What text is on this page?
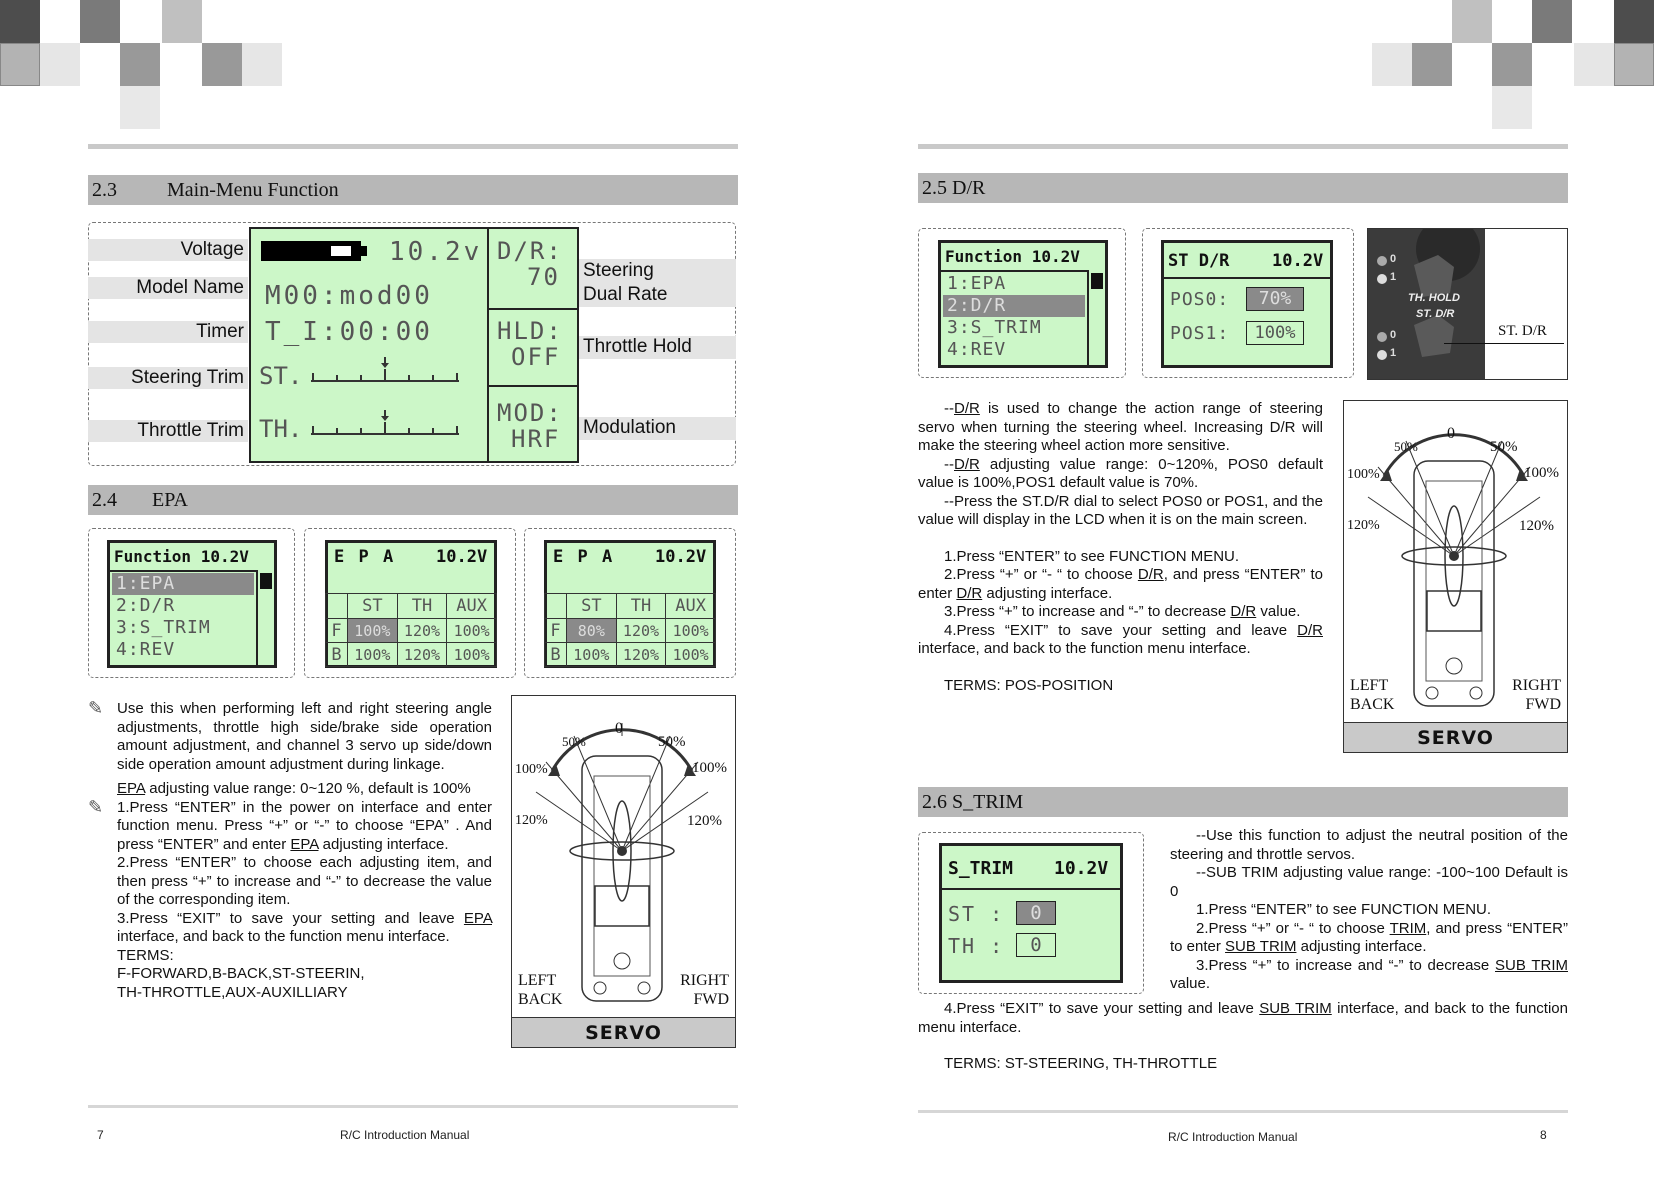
2.3          Main-Menu Function
Voltage
Model Name
Timer
Steering Trim
Throttle Trim
10.2v
M00:mod00
T_I:00:00
ST.
TH.
D/R:
70
HLD:
OFF
MOD:
HRF
Steering
Dual Rate
Throttle Hold
Modulation
2.4       EPA
Function 10.2V
1:EPA
2:D/R
3:S_TRIM
4:REV
E P A 10.2V
	ST	TH	AUX
F	100%	120%	100%
B	100%	120%	100%
E P A 10.2V
	ST	TH	AUX
F	80%	120%	100%
B	100%	120%	100%
✎
✎

Use this when performing left and right steering angle adjustments, throttle high side/brake side operation amount adjustment, and channel 3 servo up side/down side operation amount adjustment during linkage.

EPA adjusting value range: 0~120 %, default is 100%

1.Press “ENTER” in the power on interface and enter function menu. Press “+” or “-” to choose “EPA” . And press “ENTER” and enter EPA adjusting interface.

2.Press “ENTER” to choose each adjusting item, and then press “+” to increase and “-” to decrease the value of the corresponding item.

3.Press “EXIT” to save your setting and leave EPA interface, and back to the function menu interface.

TERMS:

F-FORWARD,B-BACK,ST-STEERIN,

TH-THROTTLE,AUX-AUXILLIARY

0
50%	50%
100%	100%
120%	120%
LEFT
BACK
RIGHT
FWD
SERVO
7	R/C Introduction Manual
2.5 D/R
Function 10.2V
1:EPA
2:D/R
3:S_TRIM
4:REV
ST D/R	10.2V
POS0:	70%
POS1:	100%
0
1
0
1
TH. HOLD
ST. D/R
ST. D/R

--D/R is used to change the action range of steering servo when turning the steering wheel. Increasing D/R will make the steering wheel action more sensitive.

--D/R adjusting value range: 0~120%, POS0 default value is 100%,POS1 default value is 70%.

--Press the ST.D/R dial to select POS0 or POS1, and the value will display in the LCD when it is on the main screen.

1.Press “ENTER” to see FUNCTION MENU.

2.Press “+” or “- “ to choose D/R, and press “ENTER” to enter D/R adjusting interface.

3.Press “+” to increase and “-” to decrease D/R value.

4.Press “EXIT” to save your setting and leave D/R interface, and back to the function menu interface.

TERMS: POS-POSITION

0
50%	50%
100%	100%
120%	120%
LEFT
BACK
RIGHT
FWD
SERVO
2.6 S_TRIM
S_TRIM 10.2V
ST :	0
TH :	0

--Use this function to adjust the neutral position of the steering and throttle servos.

--SUB TRIM adjusting value range: -100~100 Default is 0

1.Press “ENTER” to see FUNCTION MENU.

2.Press “+” or “- “ to choose TRIM, and press “ENTER” to enter SUB TRIM adjusting interface.

3.Press “+” to increase and “-” to decrease SUB TRIM value.

4.Press “EXIT” to save your setting and leave SUB TRIM interface, and back to the function menu interface.

TERMS: ST-STEERING, TH-THROTTLE

R/C Introduction Manual	8
